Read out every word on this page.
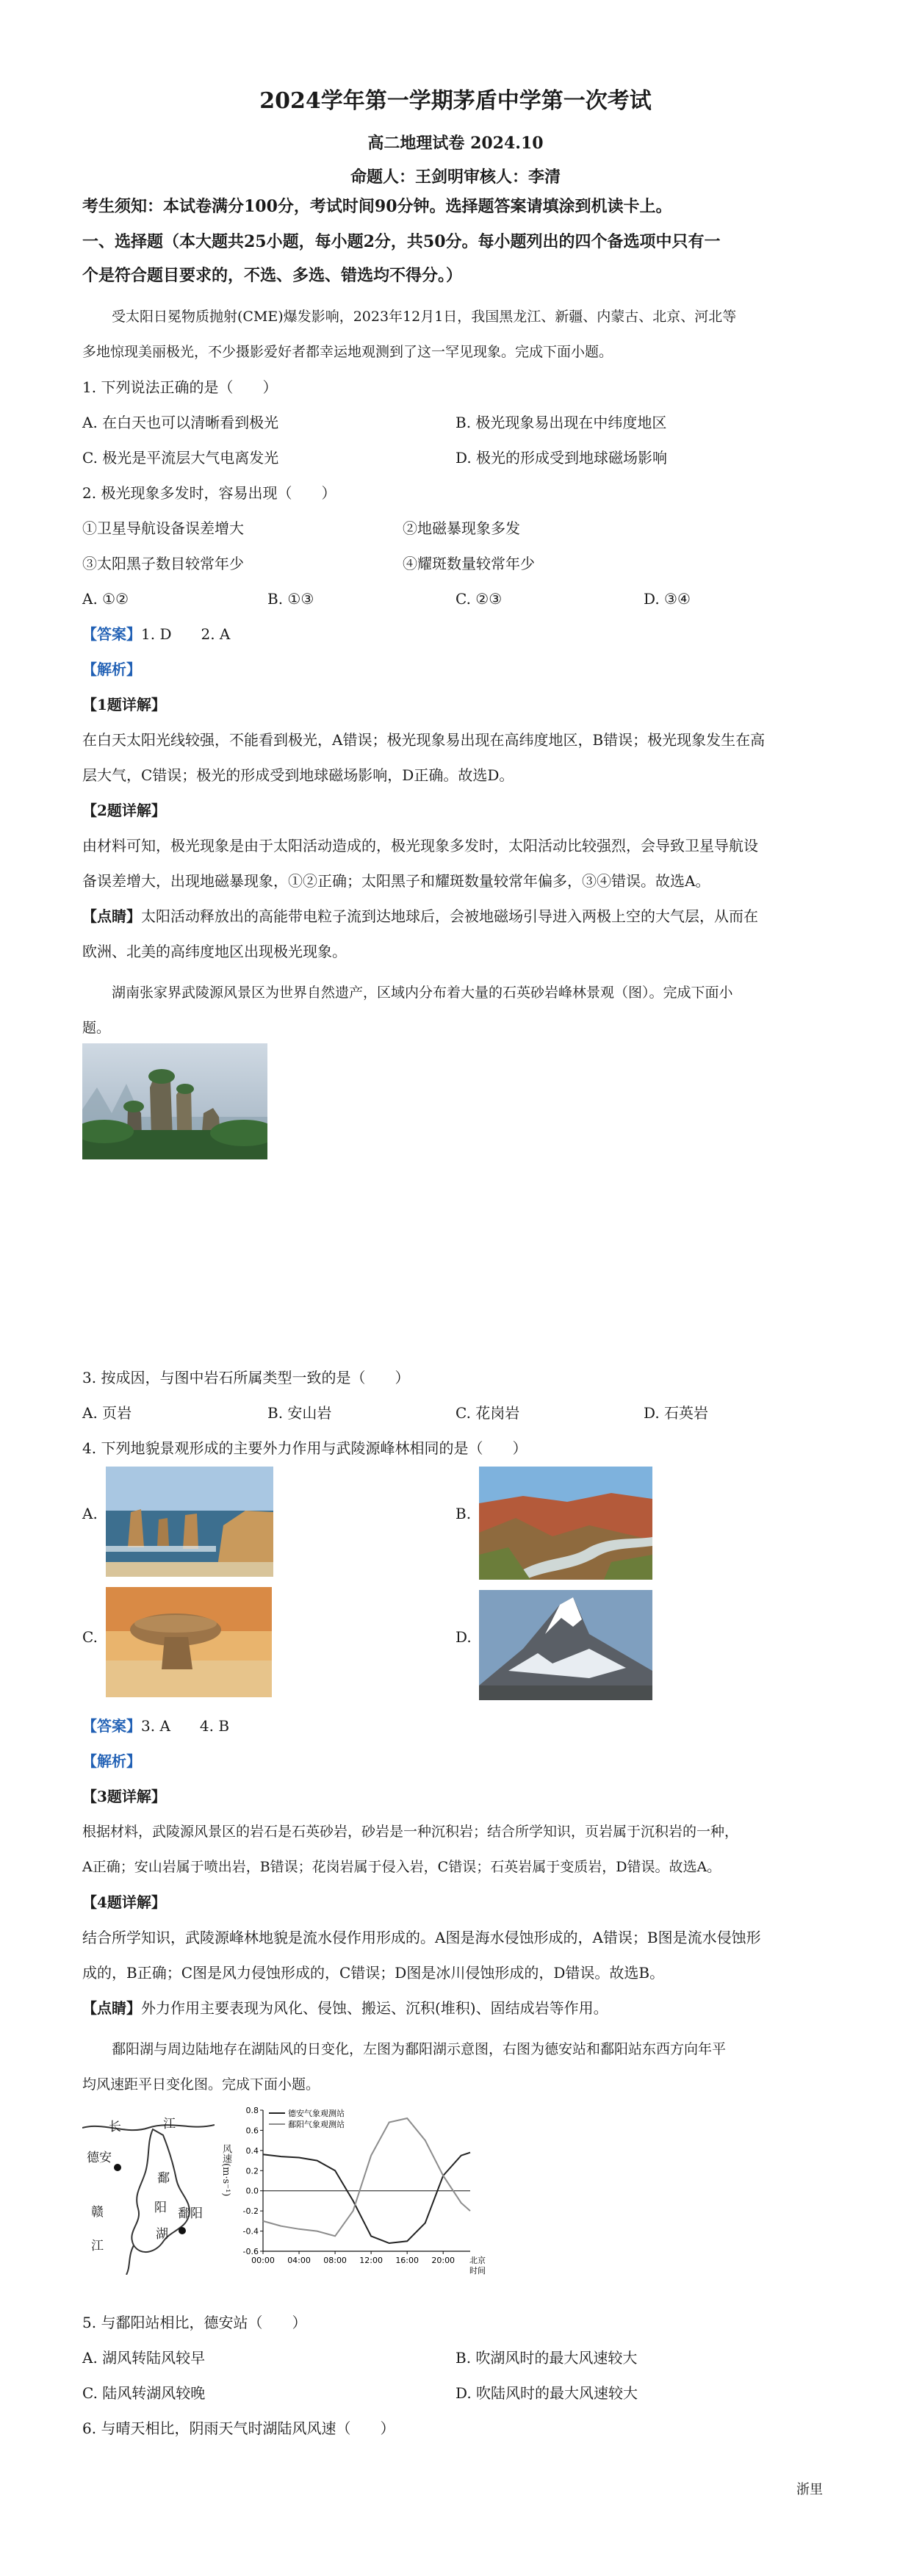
2024学年第一学期茅盾中学第一次考试
高二地理试卷 2024.10
命题人：王剑明审核人：李清
考生须知：本试卷满分100分，考试时间90分钟。选择题答案请填涂到机读卡上。
一、选择题（本大题共25小题，每小题2分，共50分。每小题列出的四个备选项中只有一
个是符合题目要求的，不选、多选、错选均不得分。）
受太阳日冕物质抛射(CME)爆发影响，2023年12月1日，我国黑龙江、新疆、内蒙古、北京、河北等
多地惊现美丽极光，不少摄影爱好者都幸运地观测到了这一罕见现象。完成下面小题。
1. 下列说法正确的是（　　）
A. 在白天也可以清晰看到极光	B. 极光现象易出现在中纬度地区
C. 极光是平流层大气电离发光	D. 极光的形成受到地球磁场影响
2. 极光现象多发时，容易出现（　　）
①卫星导航设备误差增大	②地磁暴现象多发
③太阳黑子数目较常年少	④耀斑数量较常年少
A. ①②	B. ①③	C. ②③	D. ③④
【答案】1. D　　2. A
【解析】
【1题详解】
在白天太阳光线较强，不能看到极光，A错误；极光现象易出现在高纬度地区，B错误；极光现象发生在高
层大气，C错误；极光的形成受到地球磁场影响，D正确。故选D。
【2题详解】
由材料可知，极光现象是由于太阳活动造成的，极光现象多发时，太阳活动比较强烈，会导致卫星导航设
备误差增大，出现地磁暴现象，①②正确；太阳黑子和耀斑数量较常年偏多，③④错误。故选A。
【点睛】太阳活动释放出的高能带电粒子流到达地球后，会被地磁场引导进入两极上空的大气层，从而在
欧洲、北美的高纬度地区出现极光现象。
湖南张家界武陵源风景区为世界自然遗产，区域内分布着大量的石英砂岩峰林景观（图）。完成下面小
题。
3. 按成因，与图中岩石所属类型一致的是（　　）
A. 页岩	B. 安山岩	C. 花岗岩	D. 石英岩
4. 下列地貌景观形成的主要外力作用与武陵源峰林相同的是（　　）
A.	B.
C.	D.
【答案】3. A　　4. B
【解析】
【3题详解】
根据材料，武陵源风景区的岩石是石英砂岩，砂岩是一种沉积岩；结合所学知识，页岩属于沉积岩的一种，
A正确；安山岩属于喷出岩，B错误；花岗岩属于侵入岩，C错误；石英岩属于变质岩，D错误。故选A。
【4题详解】
结合所学知识，武陵源峰林地貌是流水侵作用形成的。A图是海水侵蚀形成的，A错误；B图是流水侵蚀形
成的，B正确；C图是风力侵蚀形成的，C错误；D图是冰川侵蚀形成的，D错误。故选B。
【点睛】外力作用主要表现为风化、侵蚀、搬运、沉积(堆积)、固结成岩等作用。
鄱阳湖与周边陆地存在湖陆风的日变化，左图为鄱阳湖示意图，右图为德安站和鄱阳站东西方向年平
均风速距平日变化图。完成下面小题。
长	江
德安
鄱
阳
湖
鄱阳
赣
江
0.8
0.6
0.4
0.2
0.0
-0.2
-0.4
-0.6
00:00 04:00 08:00 12:00 16:00 20:00 北京
时间
德安气象观测站
鄱阳气象观测站
风速(m·s⁻¹)
5. 与鄱阳站相比，德安站（　　）
A. 湖风转陆风较早	B. 吹湖风时的最大风速较大
C. 陆风转湖风较晚	D. 吹陆风时的最大风速较大
6. 与晴天相比，阴雨天气时湖陆风风速（　　）
浙里
